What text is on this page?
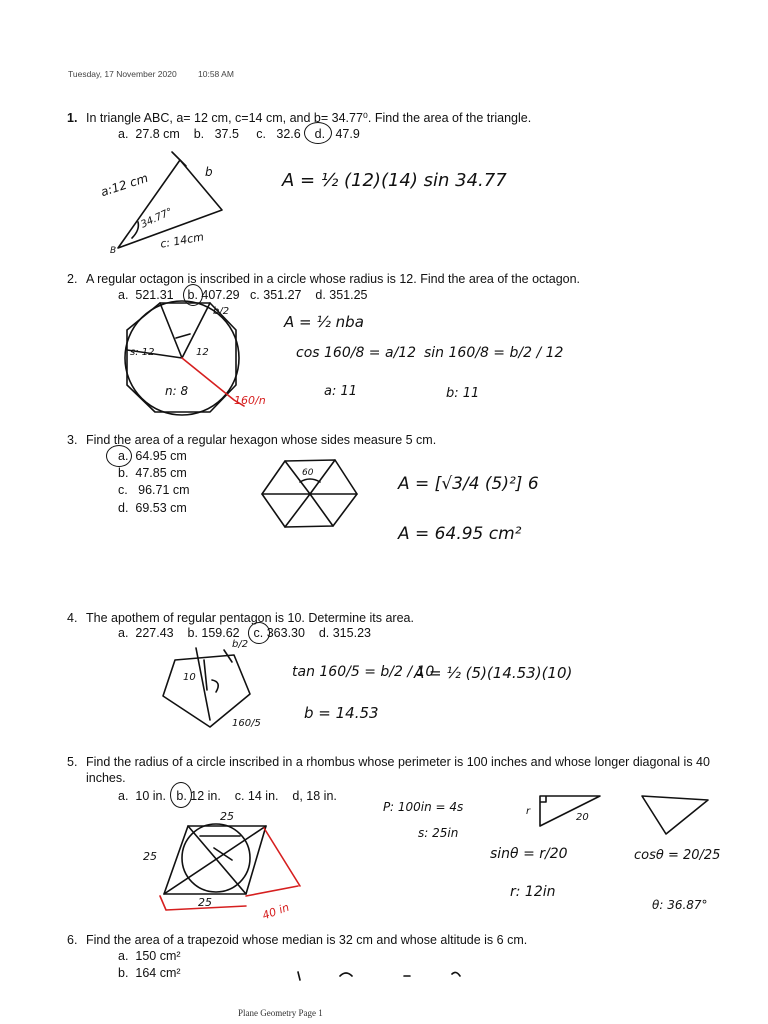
Tuesday, 17 November 2020	10:58 AM
1. In triangle ABC, a= 12 cm, c=14 cm, and b= 34.77⁰. Find the area of the triangle.
a.  27.8 cm    b.   37.5     c.   32.6    d.   47.9
a:12 cm	b
34.77°
c: 14cm
B
A = ½ (12)(14) sin 34.77
2. A regular octagon is inscribed in a circle whose radius is 12. Find the area of the octagon.
a.  521.31    b. 407.29   c. 351.27    d. 351.25
b/2
s: 12	12
n: 8
160/n
A = ½ nba
cos 160/8 = a/12 sin 160/8 = b/2 / 12
a: 11	b: 11
3. Find the area of a regular hexagon whose sides measure 5 cm.
a. 64.95 cm
b. 47.85 cm
c. 96.71 cm
d. 69.53 cm
60
A = [√3/4 (5)²] 6
A = 64.95 cm²
4. The apothem of regular pentagon is 10. Determine its area.
a.  227.43    b. 159.62    c. 363.30    d. 315.23
b/2
10
160/5
tan 160/5 = b/2 / 10
A = ½ (5)(14.53)(10)
b = 14.53
5. Find the radius of a circle inscribed in a rhombus whose perimeter is 100 inches and whose longer diagonal is 40 inches.
a.  10 in.   b. 12 in.    c. 14 in.    d, 18 in.
25
25
25	40 in
P: 100in = 4s
s: 25in
r
20
sinθ = r/20
r: 12in
cosθ = 20/25
θ: 36.87°
6. Find the area of a trapezoid whose median is 32 cm and whose altitude is 6 cm.
a. 150 cm²
b. 164 cm²
Plane Geometry Page 1
